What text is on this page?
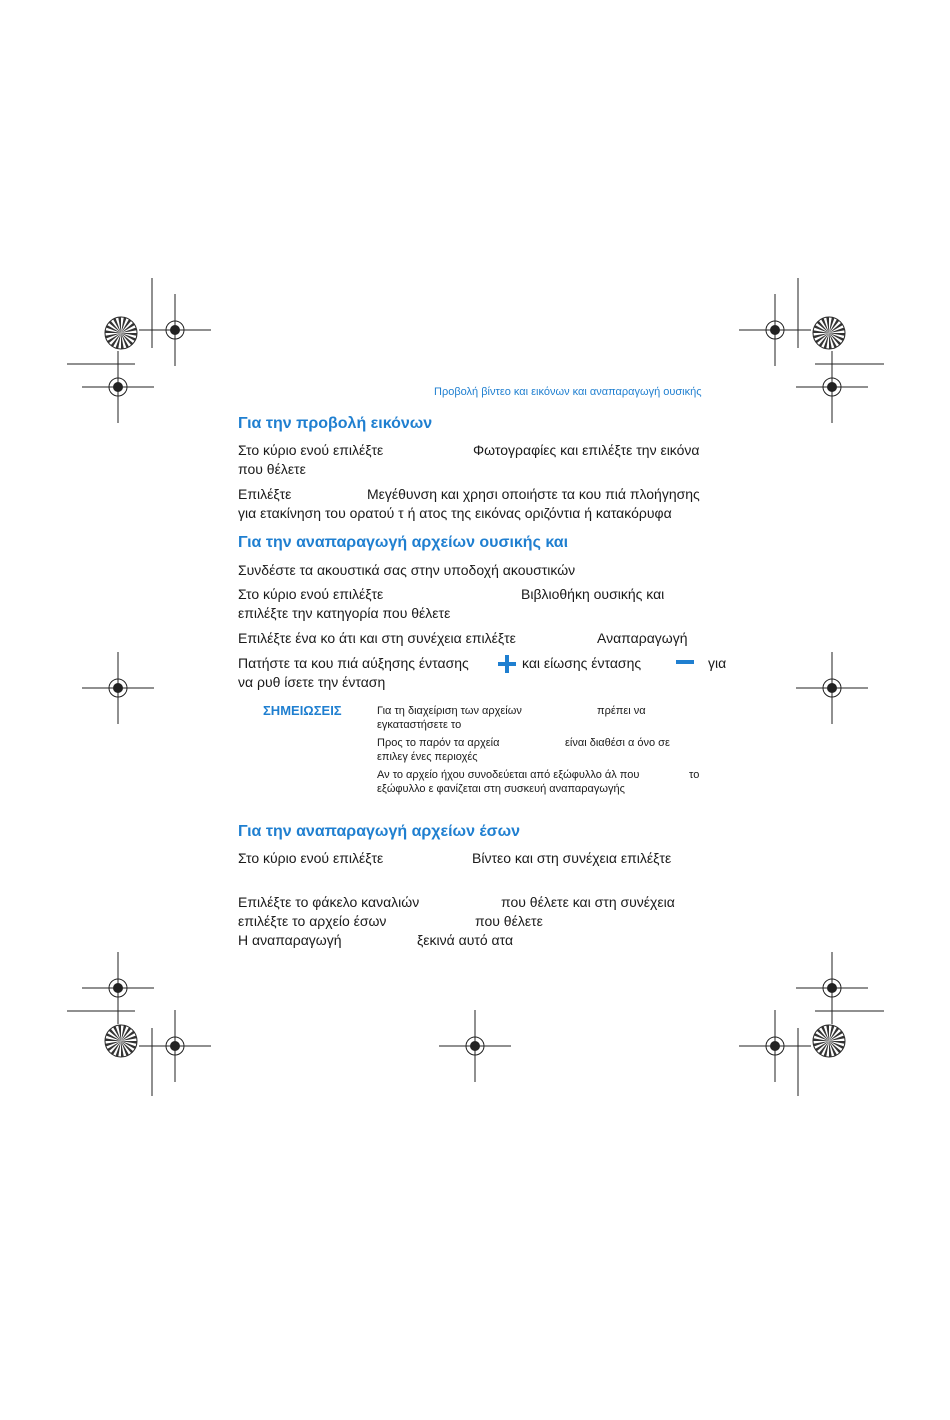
Προβολή βίντεο και εικόνων και αναπαραγωγή ουσικής
Για την προβολή εικόνων
Στο κύριο ενού επιλέξτε	Φωτογραφίες και επιλέξτε την εικόνα
που θέλετε
Επιλέξτε	Μεγέθυνση και χρησι οποιήστε τα κου πιά πλοήγησης
για ετακίνηση του ορατού τ ή ατος της εικόνας οριζόντια ή κατακόρυφα
Για την αναπαραγωγή αρχείων ουσικής και
Συνδέστε τα ακουστικά σας στην υποδοχή ακουστικών
Στο κύριο ενού επιλέξτε	Βιβλιοθήκη ουσικής και
επιλέξτε την κατηγορία που θέλετε
Επιλέξτε ένα κο άτι και στη συνέχεια επιλέξτε	Αναπαραγωγή
Πατήστε τα κου πιά αύξησης έντασης	και είωσης έντασης	για
να ρυθ ίσετε την ένταση
ΣΗΜΕΙΩΣΕΙΣ	Για τη διαχείριση των αρχείων	πρέπει να
εγκαταστήσετε το
Προς το παρόν τα αρχεία	είναι διαθέσι α όνο σε
επιλεγ ένες περιοχές
Αν το αρχείο ήχου συνοδεύεται από εξώφυλλο άλ που	το
εξώφυλλο ε φανίζεται στη συσκευή αναπαραγωγής
Για την αναπαραγωγή αρχείων έσων
Στο κύριο ενού επιλέξτε	Βίντεο και στη συνέχεια επιλέξτε
Επιλέξτε το φάκελο καναλιών	που θέλετε και στη συνέχεια
επιλέξτε το αρχείο έσων	που θέλετε
Η αναπαραγωγή	ξεκινά αυτό ατα
